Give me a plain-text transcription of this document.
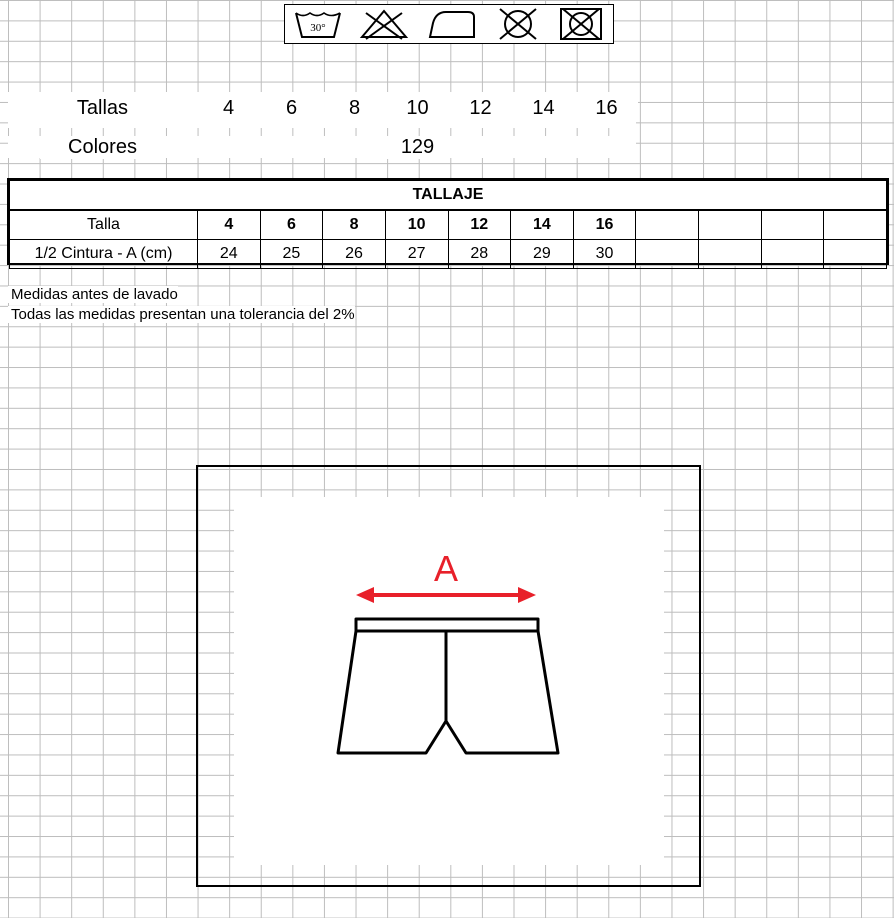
30°
Tallas	4	6	8	10	12	14	16
Colores	129
TALLAJE											
Talla	4	6	8	10	12	14	16				
1/2 Cintura - A (cm)	24	25	26	27	28	29	30				
Medidas antes de lavado
Todas las medidas presentan una tolerancia del 2%
A
